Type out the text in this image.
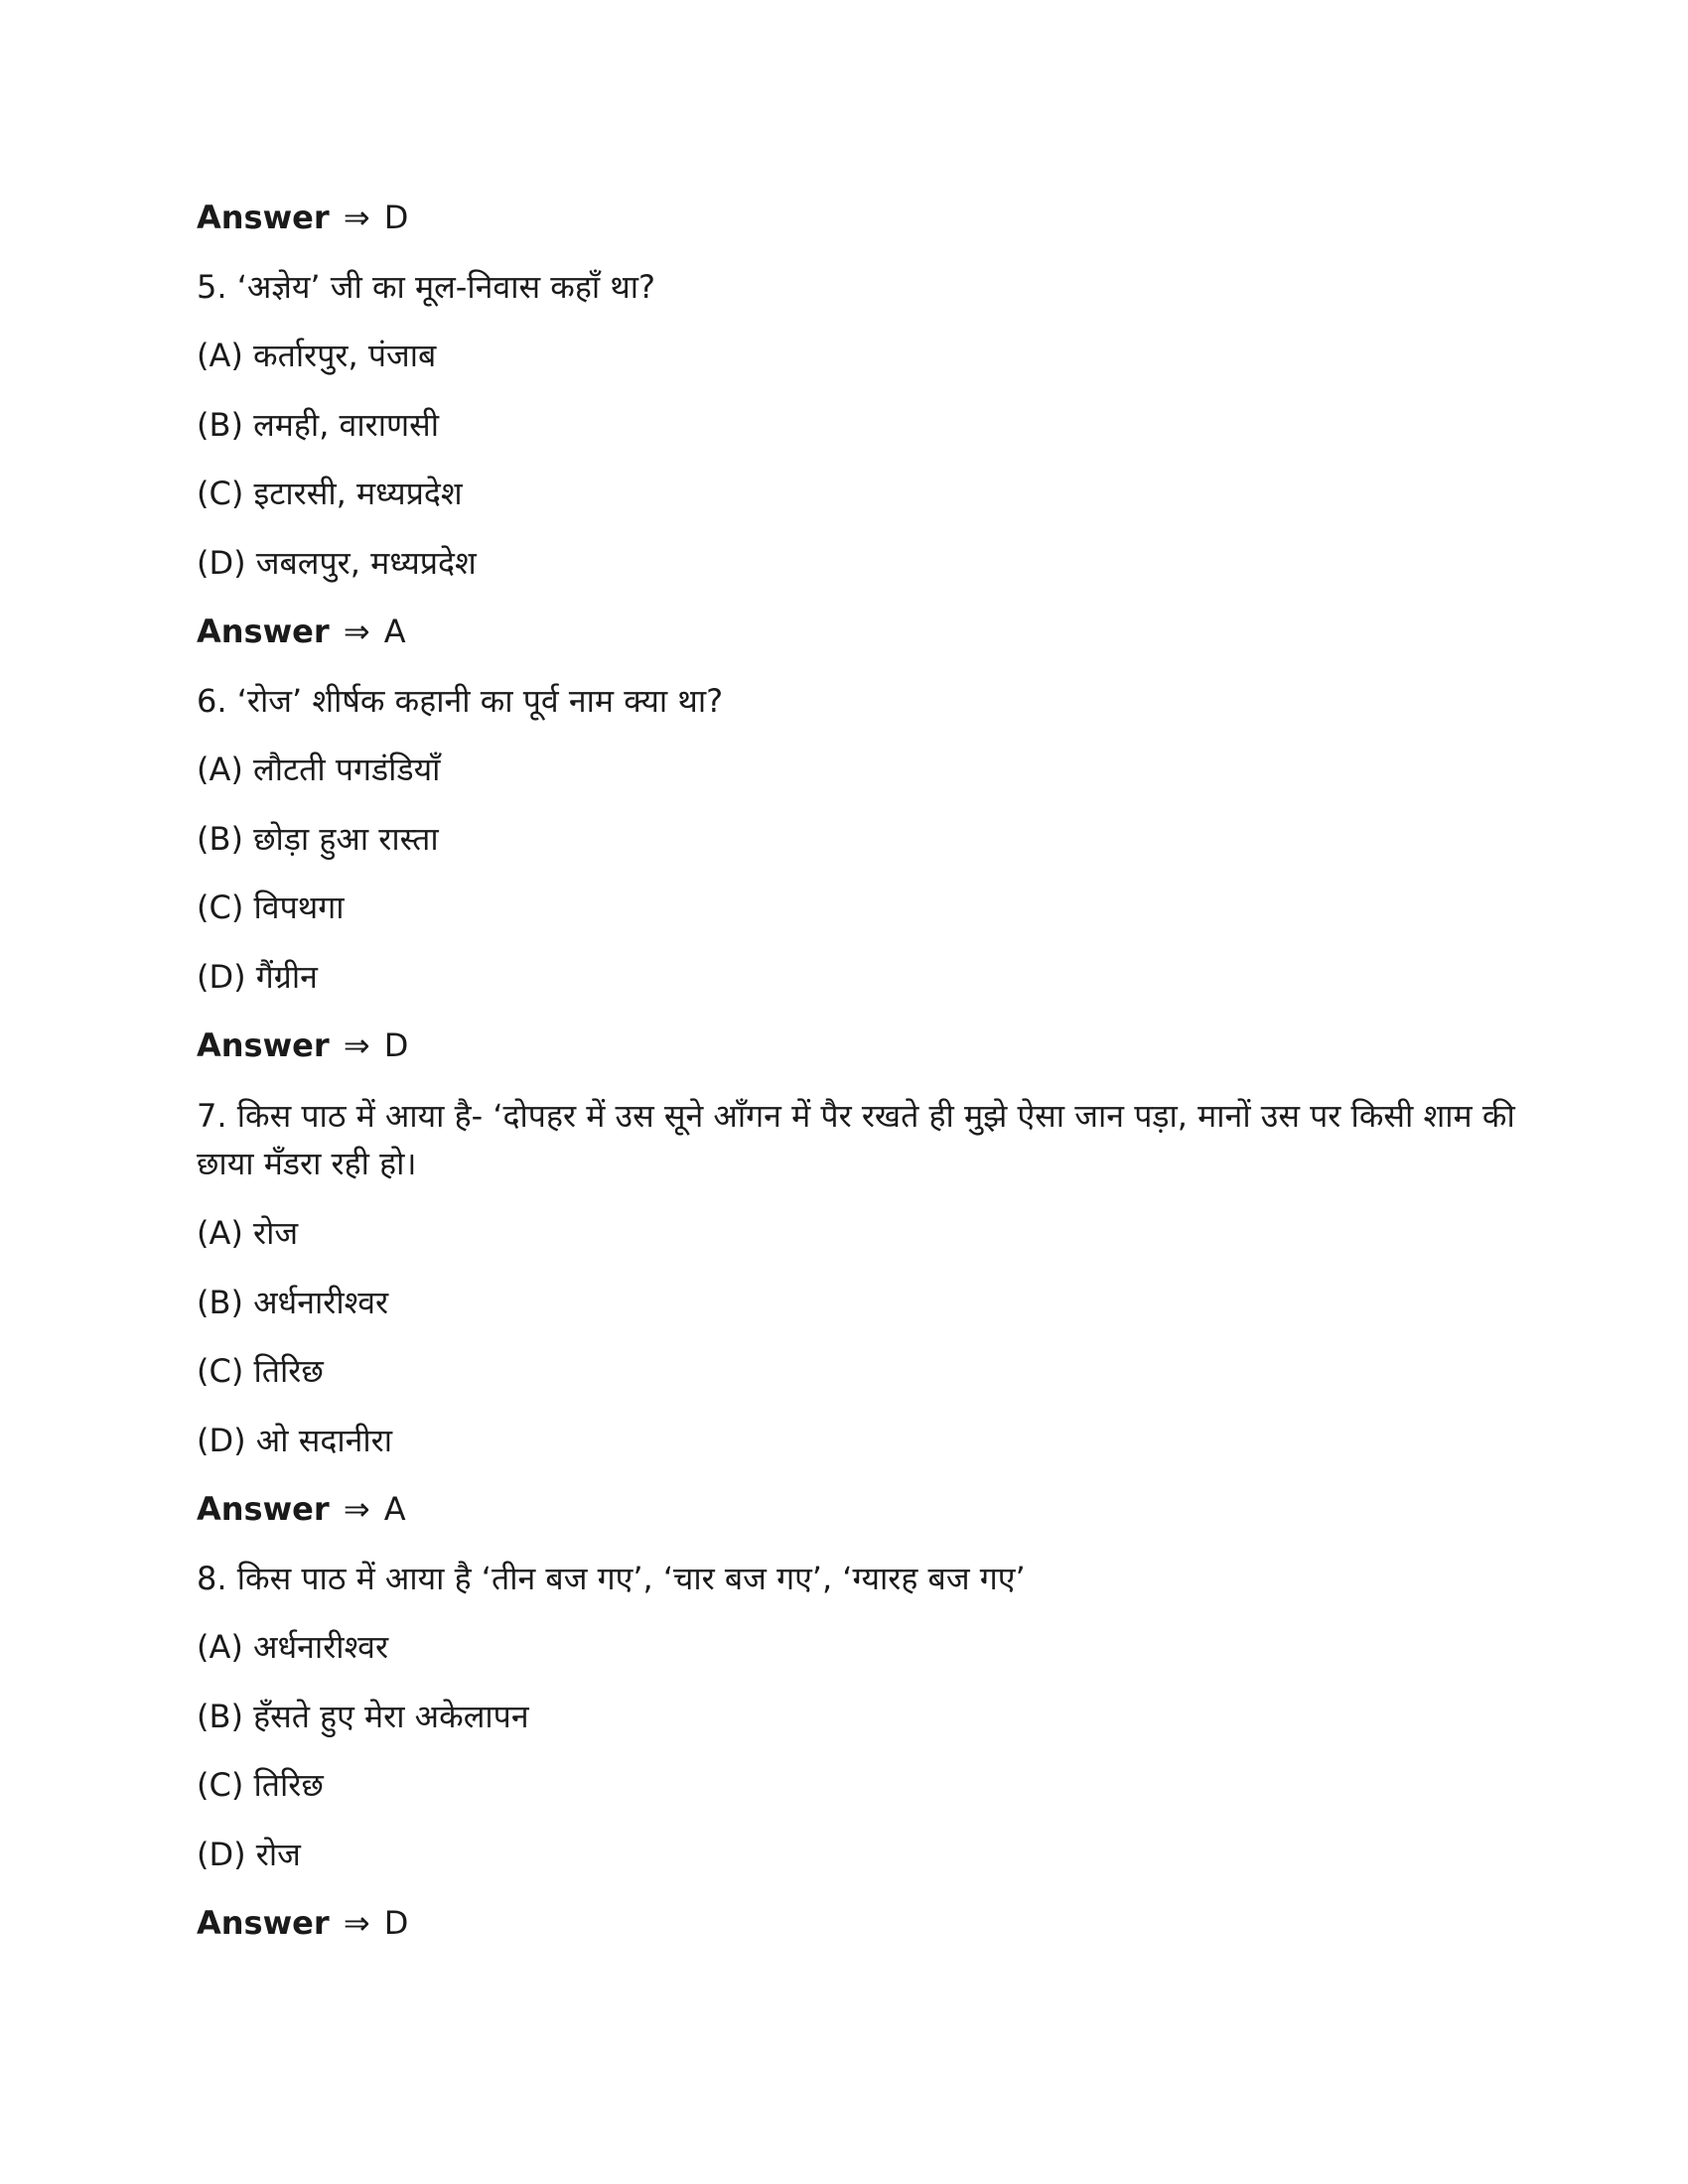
Answer ⇒ D
5. ‘अज्ञेय’ जी का मूल-निवास कहाँ था?
(A) कर्तारपुर, पंजाब
(B) लमही, वाराणसी
(C) इटारसी, मध्यप्रदेश
(D) जबलपुर, मध्यप्रदेश
Answer ⇒ A
6. ‘रोज’ शीर्षक कहानी का पूर्व नाम क्या था?
(A) लौटती पगडंडियाँ
(B) छोड़ा हुआ रास्ता
(C) विपथगा
(D) गैंग्रीन
Answer ⇒ D
7. किस पाठ में आया है- ‘दोपहर में उस सूने आँगन में पैर रखते ही मुझे ऐसा जान पड़ा, मानों उस पर किसी शाम की छाया मँडरा रही हो।
(A) रोज
(B) अर्धनारीश्वर
(C) तिरिछ
(D) ओ सदानीरा
Answer ⇒ A
8. किस पाठ में आया है ‘तीन बज गए’, ‘चार बज गए’, ‘ग्यारह बज गए’
(A) अर्धनारीश्वर
(B) हँसते हुए मेरा अकेलापन
(C) तिरिछ
(D) रोज
Answer ⇒ D
